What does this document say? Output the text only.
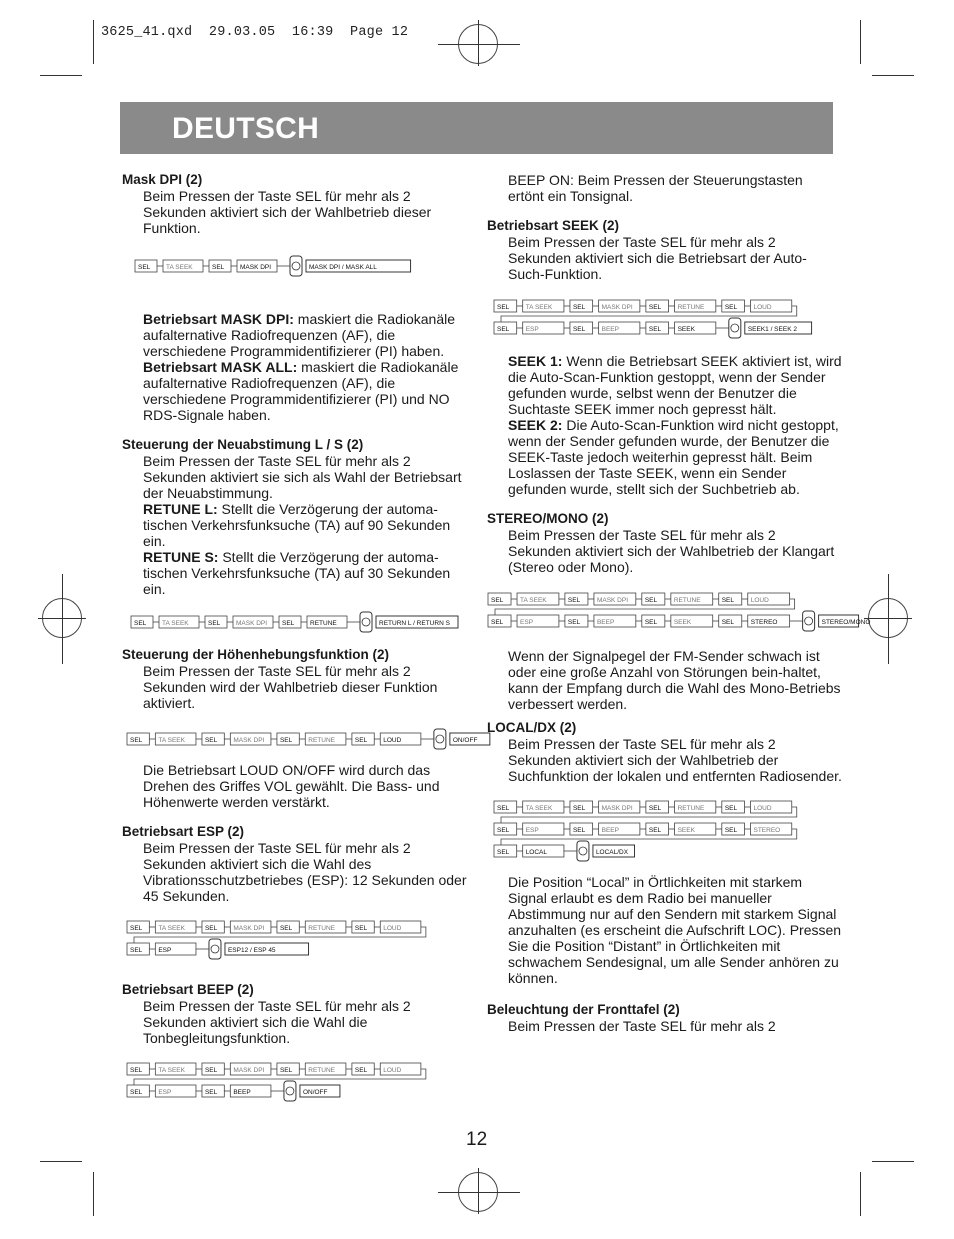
3625_41.qxd  29.03.05  16:39  Page 12
DEUTSCH

Mask DPI (2)

Beim Pressen der Taste SEL für mehr als 2 Sekunden aktiviert sich der Wahlbetrieb dieser Funktion.

SEL TA SEEK	SEL MASK DPI	MASK DPI / MASK ALL

Betriebsart MASK DPI: maskiert die Radiokanäle aufalternative Radiofrequenzen (AF), die verschiedene Programmidentifizierer (PI) haben.

Betriebsart MASK ALL: maskiert die Radiokanäle aufalternative Radiofrequenzen (AF), die verschiedene Programmidentifizierer (PI) und NO RDS-Signale haben.

Steuerung der Neuabstimung L / S (2)

Beim Pressen der Taste SEL für mehr als 2 Sekunden aktiviert sie sich als Wahl der Betriebsart der Neuabstimmung.

RETUNE L: Stellt die Verzögerung der automa-tischen Verkehrsfunksuche (TA) auf 90 Sekunden ein.

RETUNE S: Stellt die Verzögerung der automa-tischen Verkehrsfunksuche (TA) auf 30 Sekunden ein.

SEL TA SEEK	SEL MASK DPI SEL RETUNE	RETURN L / RETURN S

Steuerung der Höhenhebungsfunktion (2)

Beim Pressen der Taste SEL für mehr als 2 Sekunden wird der Wahlbetrieb dieser Funktion aktiviert.

SEL TA SEEK	SEL MASK DPI SEL RETUNE	SEL LOUD	ON/OFF

Die Betriebsart LOUD ON/OFF wird durch das Drehen des Griffes VOL gewählt. Die Bass- und Höhenwerte werden verstärkt.

Betriebsart ESP (2)

Beim Pressen der Taste SEL für mehr als 2 Sekunden aktiviert sich die Wahl des Vibrationsschutzbetriebes (ESP): 12 Sekunden oder 45 Sekunden.

SEL TA SEEK	SEL MASK DPI SEL RETUNE	SEL LOUD
SEL ESP	ESP12 / ESP 45

Betriebsart BEEP (2)

Beim Pressen der Taste SEL für mehr als 2 Sekunden aktiviert sich die Wahl die Tonbegleitungsfunktion.

SEL TA SEEK	SEL MASK DPI SEL RETUNE	SEL LOUD
SEL ESP	SEL BEEP	ON/OFF

BEEP ON: Beim Pressen der Steuerungstasten ertönt ein Tonsignal.

Betriebsart SEEK (2)

Beim Pressen der Taste SEL für mehr als 2 Sekunden aktiviert sich die Betriebsart der Auto-Such-Funktion.

SEL	TA SEEK	SEL	MASK DPI SEL	RETUNE	SEL	LOUD
SEL	ESP	SEL	BEEP	SEL	SEEK	SEEK1 / SEEK 2

SEEK 1: Wenn die Betriebsart SEEK aktiviert ist, wird die Auto-Scan-Funktion gestoppt, wenn der Sender gefunden wurde, selbst wenn der Benutzer die Suchtaste SEEK immer noch gepresst hält.

SEEK 2: Die Auto-Scan-Funktion wird nicht gestoppt, wenn der Sender gefunden wurde, der Benutzer die SEEK-Taste jedoch weiterhin gepresst hält. Beim Loslassen der Taste SEEK, wenn ein Sender gefunden wurde, stellt sich der Suchbetrieb ab.

STEREO/MONO (2)

Beim Pressen der Taste SEL für mehr als 2 Sekunden aktiviert sich der Wahlbetrieb der Klangart (Stereo oder Mono).

SEL	TA SEEK	SEL	MASK DPI	SEL	RETUNE	SEL	LOUD
SEL	ESP	SEL	BEEP	SEL	SEEK	SEL	STEREO	STEREO/MONO

Wenn der Signalpegel der FM-Sender schwach ist oder eine große Anzahl von Störungen bein-haltet, kann der Empfang durch die Wahl des Mono-Betriebs verbessert werden.

LOCAL/DX (2)

Beim Pressen der Taste SEL für mehr als 2 Sekunden aktiviert sich der Wahlbetrieb der Suchfunktion der lokalen und entfernten Radiosender.

SEL	TA SEEK	SEL	MASK DPI SEL	RETUNE	SEL	LOUD
SEL	ESP	SEL	BEEP	SEL	SEEK	SEL	STEREO
SEL	LOCAL	LOCAL/DX

Die Position “Local” in Örtlichkeiten mit starkem Signal erlaubt es dem Radio bei manueller Abstimmung nur auf den Sendern mit starkem Signal anzuhalten (es erscheint die Aufschrift LOC). Pressen Sie die Position “Distant” in Örtlichkeiten mit schwachem Sendesignal, um alle Sender anhören zu können.

Beleuchtung der Fronttafel (2)

Beim Pressen der Taste SEL für mehr als 2

12
